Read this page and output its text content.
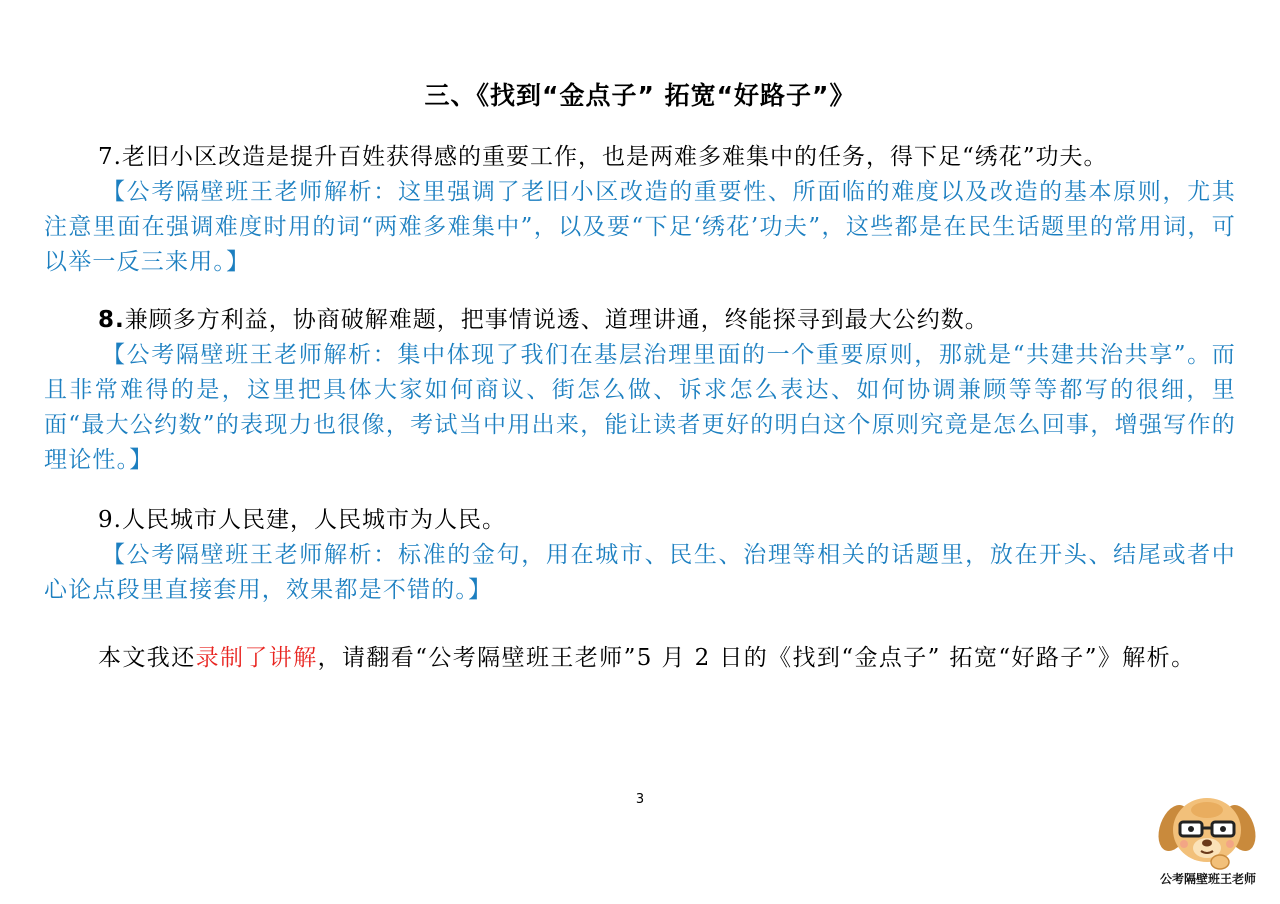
三、《找到“金点子” 拓宽“好路子”》

7.老旧小区改造是提升百姓获得感的重要工作，也是两难多难集中的任务，得下足“绣花”功夫。

【公考隔壁班王老师解析：这里强调了老旧小区改造的重要性、所面临的难度以及改造的基本原则，尤其注意里面在强调难度时用的词“两难多难集中”，以及要“下足‘绣花’功夫”，这些都是在民生话题里的常用词，可以举一反三来用。】

8.兼顾多方利益，协商破解难题，把事情说透、道理讲通，终能探寻到最大公约数。

【公考隔壁班王老师解析：集中体现了我们在基层治理里面的一个重要原则，那就是“共建共治共享”。而且非常难得的是，这里把具体大家如何商议、街怎么做、诉求怎么表达、如何协调兼顾等等都写的很细，里面“最大公约数”的表现力也很像，考试当中用出来，能让读者更好的明白这个原则究竟是怎么回事，增强写作的理论性。】

9.人民城市人民建，人民城市为人民。

【公考隔壁班王老师解析：标准的金句，用在城市、民生、治理等相关的话题里，放在开头、结尾或者中心论点段里直接套用，效果都是不错的。】

本文我还录制了讲解，请翻看“公考隔壁班王老师”5 月 2 日的《找到“金点子” 拓宽“好路子”》解析。

3
公考隔壁班王老师
